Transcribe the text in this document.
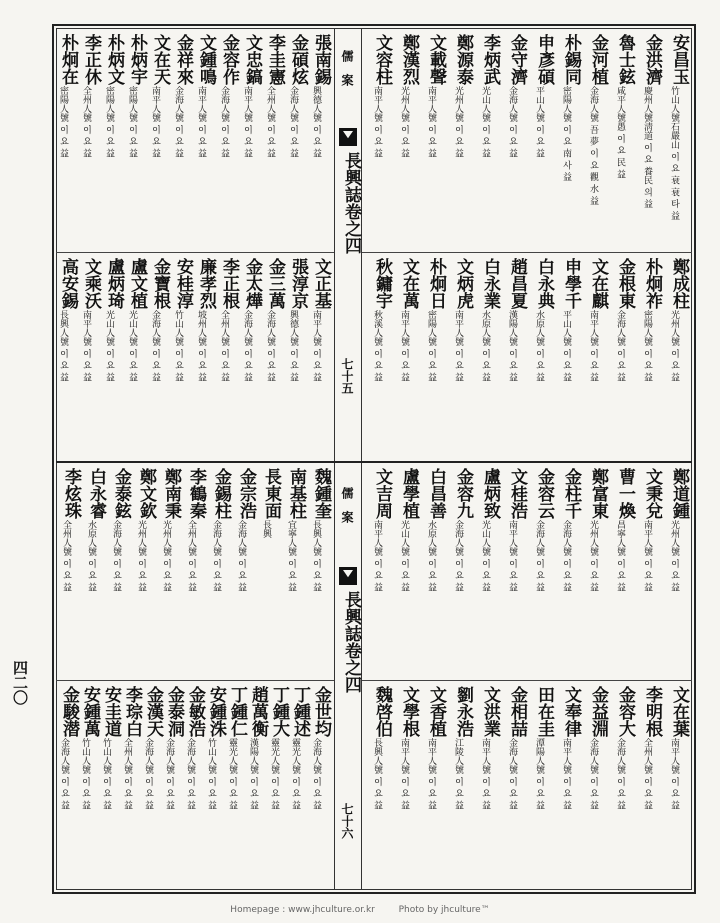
儒　案
長興誌卷之四
七十五
儒　案
長興誌卷之四
七十六
安昌玉
竹山人號石嚴山 이 요 衰 衰 타 益
金洪濟
慶州人號淸道 이 요 養民 의 益
魯士鉉
咸平人號愚 이 요 民 益
金河植
金海人號 吾 夢 이 요 觀 水 益
朴錫同
密陽人號 이 요 南 사 益
申彥碩
平山人號 이 요 益
金守濟
金海人號 이 요 益
李炳武
光山人號 이 요 益
鄭源泰
光州人號 이 요 益
文載聲
南平人號 이 요 益
鄭漢烈
光州人號 이 요 益
文容柱
南平人號 이 요 益
張南錫
興德人號 이 요 益
金碩炫
金海人號 이 요 益
李圭憲
全州人號 이 요 益
文忠鎬
南平人號 이 요 益
金容作
金海人號 이 요 益
文鍾鳴
南平人號 이 요 益
金祥來
金海人號 이 요 益
文在天
南平人號 이 요 益
朴炳宇
密陽人號 이 요 益
朴炳文
密陽人號 이 요 益
李正休
全州人號 이 요 益
朴炯在
密陽人號 이 요 益
鄭成柱
光州人號 이 요 益
朴炯祚
密陽人號 이 요 益
金根東
金海人號 이 요 益
文在麒
南平人號 이 요 益
申學千
平山人號 이 요 益
白永典
水原人號 이 요 益
趙昌夏
漢陽人號 이 요 益
白永業
水原人號 이 요 益
文炳虎
南平人號 이 요 益
朴炯日
密陽人號 이 요 益
文在萬
南平人號 이 요 益
秋鏞宇
秋溪人號 이 요 益
文正基
南平人號 이 요 益
張淳京
興德人號 이 요 益
金三萬
金海人號 이 요 益
金太燁
金海人號 이 요 益
李正根
全州人號 이 요 益
廉孝烈
坡州人號 이 요 益
安桂淳
竹山人號 이 요 益
金寶根
金海人號 이 요 益
盧文植
光山人號 이 요 益
盧炳琦
光山人號 이 요 益
文乘沃
南平人號 이 요 益
高安錫
長興人號 이 요 益
鄭道鍾
光州人號 이 요 益
文秉兌
南平人號 이 요 益
曹一煥
昌寧人號 이 요 益
鄭富東
光州人號 이 요 益
金柱千
金海人號 이 요 益
金容云
金海人號 이 요 益
文桂浩
南平人號 이 요 益
盧炳致
光山人號 이 요 益
金容九
金海人號 이 요 益
白昌善
水原人號 이 요 益
盧學植
光山人號 이 요 益
文吉周
南平人號 이 요 益
魏鍾奎
長興人號 이 요 益
南基柱
宜寧人號 이 요 益
長東面
長興
金宗浩
金海人號 이 요 益
金錫柱
金海人號 이 요 益
李鶴秦
全州人號 이 요 益
鄭南秉
光州人號 이 요 益
鄭文欽
光州人號 이 요 益
金泰鉉
金海人號 이 요 益
白永睿
水原人號 이 요 益
李炫珠
全州人號 이 요 益
文在葉
南平人號 이 요 益
李明根
全州人號 이 요 益
金容大
金海人號 이 요 益
金益淵
金海人號 이 요 益
文奉律
南平人號 이 요 益
田在圭
潭陽人號 이 요 益
金相喆
金海人號 이 요 益
文洪業
南平人號 이 요 益
劉永浩
江陵人號 이 요 益
文香植
南平人號 이 요 益
文學根
南平人號 이 요 益
魏啓伯
長興人號 이 요 益
金世均
金海人號 이 요 益
丁鍾述
靈光人號 이 요 益
丁鍾大
靈光人號 이 요 益
趙萬衡
漢陽人號 이 요 益
丁鍾仁
靈光人號 이 요 益
安鍾洙
竹山人號 이 요 益
金敏浩
金海人號 이 요 益
金泰洞
金海人號 이 요 益
金漢天
金海人號 이 요 益
李琮白
全州人號 이 요 益
安圭道
竹山人號 이 요 益
安鍾萬
竹山人號 이 요 益
金駿潜
金海人號 이 요 益
四二〇
Homepage : www.jhculture.or.kr   	Photo by jhculture™
